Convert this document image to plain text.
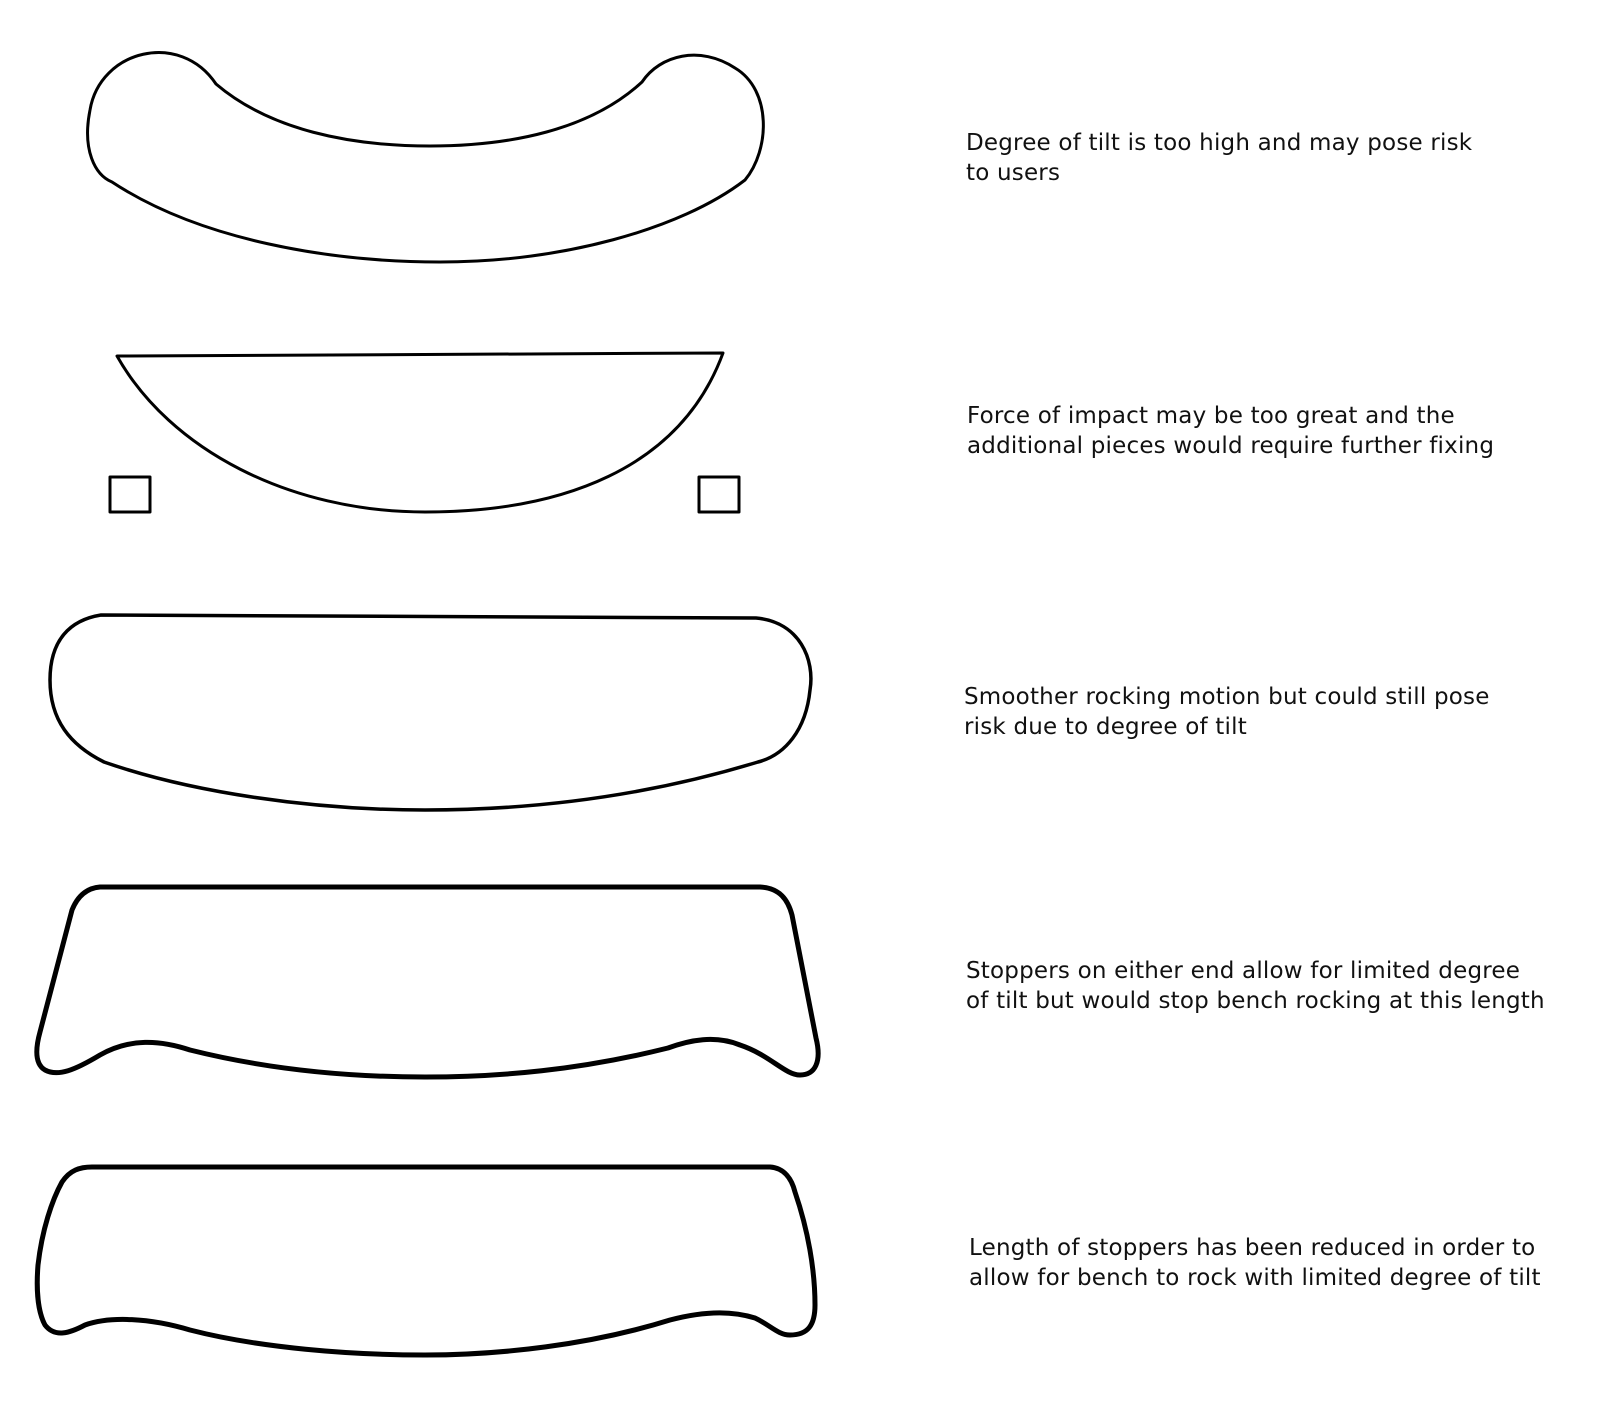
Degree of tilt is too high and may pose risk
to users

Force of impact may be too great and the
additional pieces would require further fixing

Smoother rocking motion but could still pose
risk due to degree of tilt

Stoppers on either end allow for limited degree
of tilt but would stop bench rocking at this length

Length of stoppers has been reduced in order to
allow for bench to rock with limited degree of tilt
